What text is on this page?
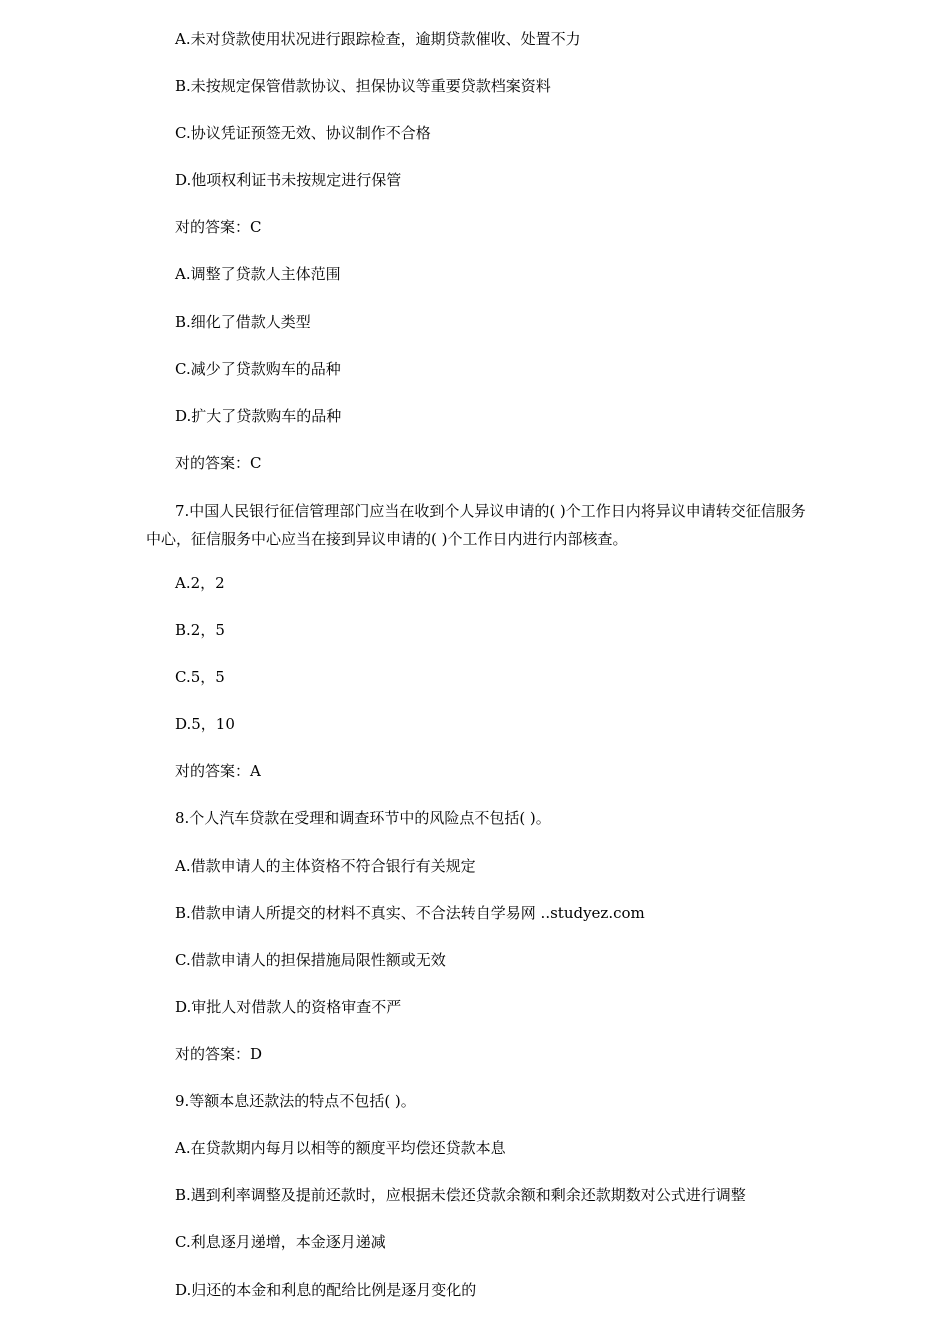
A.未对贷款使用状况进行跟踪检查，逾期贷款催收、处置不力
B.未按规定保管借款协议、担保协议等重要贷款档案资料
C.协议凭证预签无效、协议制作不合格
D.他项权利证书未按规定进行保管
对的答案：C
A.调整了贷款人主体范围
B.细化了借款人类型
C.减少了贷款购车的品种
D.扩大了贷款购车的品种
对的答案：C
7.中国人民银行征信管理部门应当在收到个人异议申请的( )个工作日内将异议申请转交征信服务中心，征信服务中心应当在接到异议申请的( )个工作日内进行内部核查。
A.2，2
B.2，5
C.5，5
D.5，10
对的答案：A
8.个人汽车贷款在受理和调查环节中的风险点不包括( )。
A.借款申请人的主体资格不符合银行有关规定
B.借款申请人所提交的材料不真实、不合法转自学易网 ..studyez.com
C.借款申请人的担保措施局限性额或无效
D.审批人对借款人的资格审查不严
对的答案：D
9.等额本息还款法的特点不包括( )。
A.在贷款期内每月以相等的额度平均偿还贷款本息
B.遇到利率调整及提前还款时，应根据未偿还贷款余额和剩余还款期数对公式进行调整
C.利息逐月递增，本金逐月递减
D.归还的本金和利息的配给比例是逐月变化的
